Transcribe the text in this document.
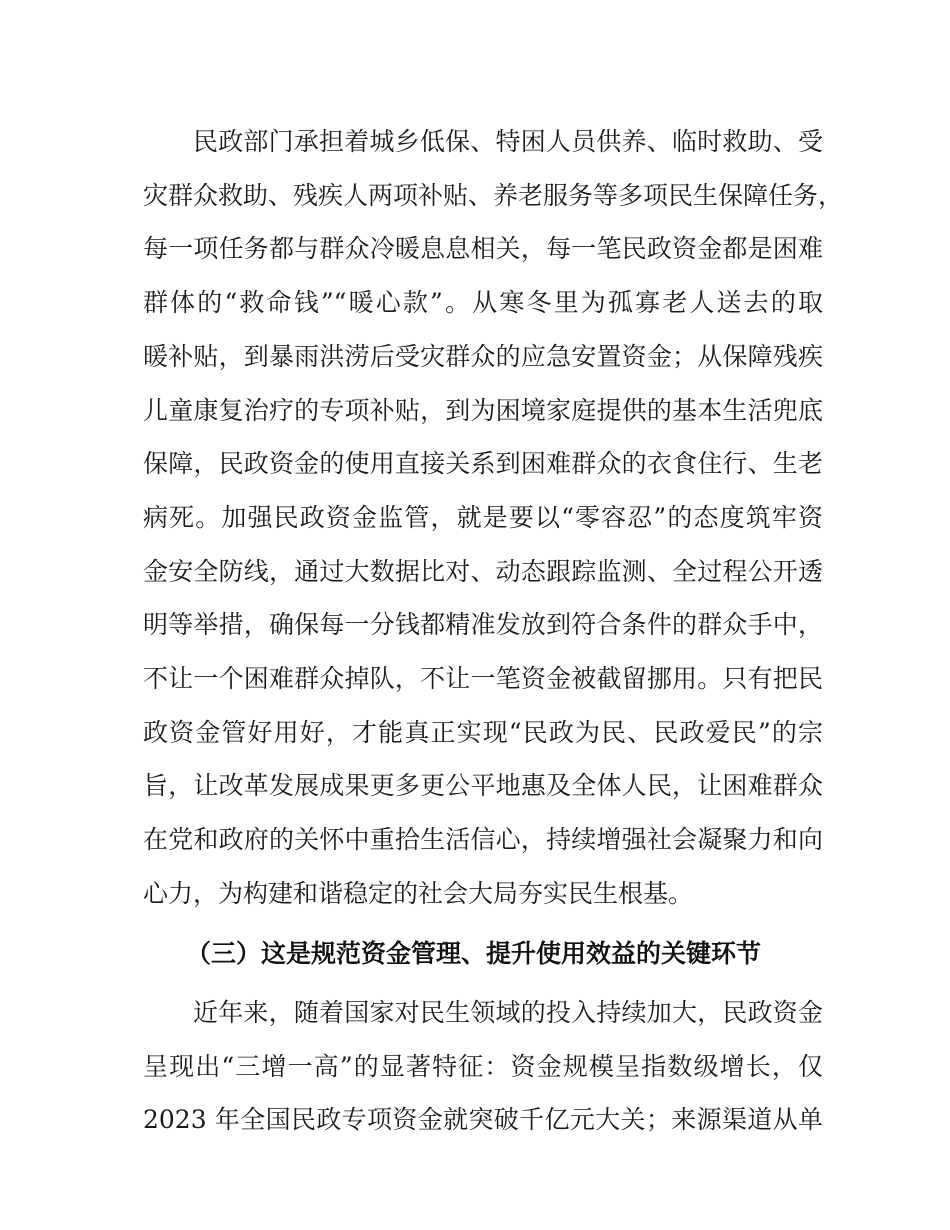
民政部门承担着城乡低保、特困人员供养、临时救助、受
灾群众救助、残疾人两项补贴、养老服务等多项民生保障任务，
每一项任务都与群众冷暖息息相关，每一笔民政资金都是困难
群体的“救命钱”“暖心款”。从寒冬里为孤寡老人送去的取
暖补贴，到暴雨洪涝后受灾群众的应急安置资金；从保障残疾
儿童康复治疗的专项补贴，到为困境家庭提供的基本生活兜底
保障，民政资金的使用直接关系到困难群众的衣食住行、生老
病死。加强民政资金监管，就是要以“零容忍”的态度筑牢资
金安全防线，通过大数据比对、动态跟踪监测、全过程公开透
明等举措，确保每一分钱都精准发放到符合条件的群众手中，
不让一个困难群众掉队，不让一笔资金被截留挪用。只有把民
政资金管好用好，才能真正实现“民政为民、民政爱民”的宗
旨，让改革发展成果更多更公平地惠及全体人民，让困难群众
在党和政府的关怀中重拾生活信心，持续增强社会凝聚力和向
心力，为构建和谐稳定的社会大局夯实民生根基。
（三）这是规范资金管理、提升使用效益的关键环节
近年来，随着国家对民生领域的投入持续加大，民政资金
呈现出“三增一高”的显著特征：资金规模呈指数级增长，仅
2023 年全国民政专项资金就突破千亿元大关；来源渠道从单
